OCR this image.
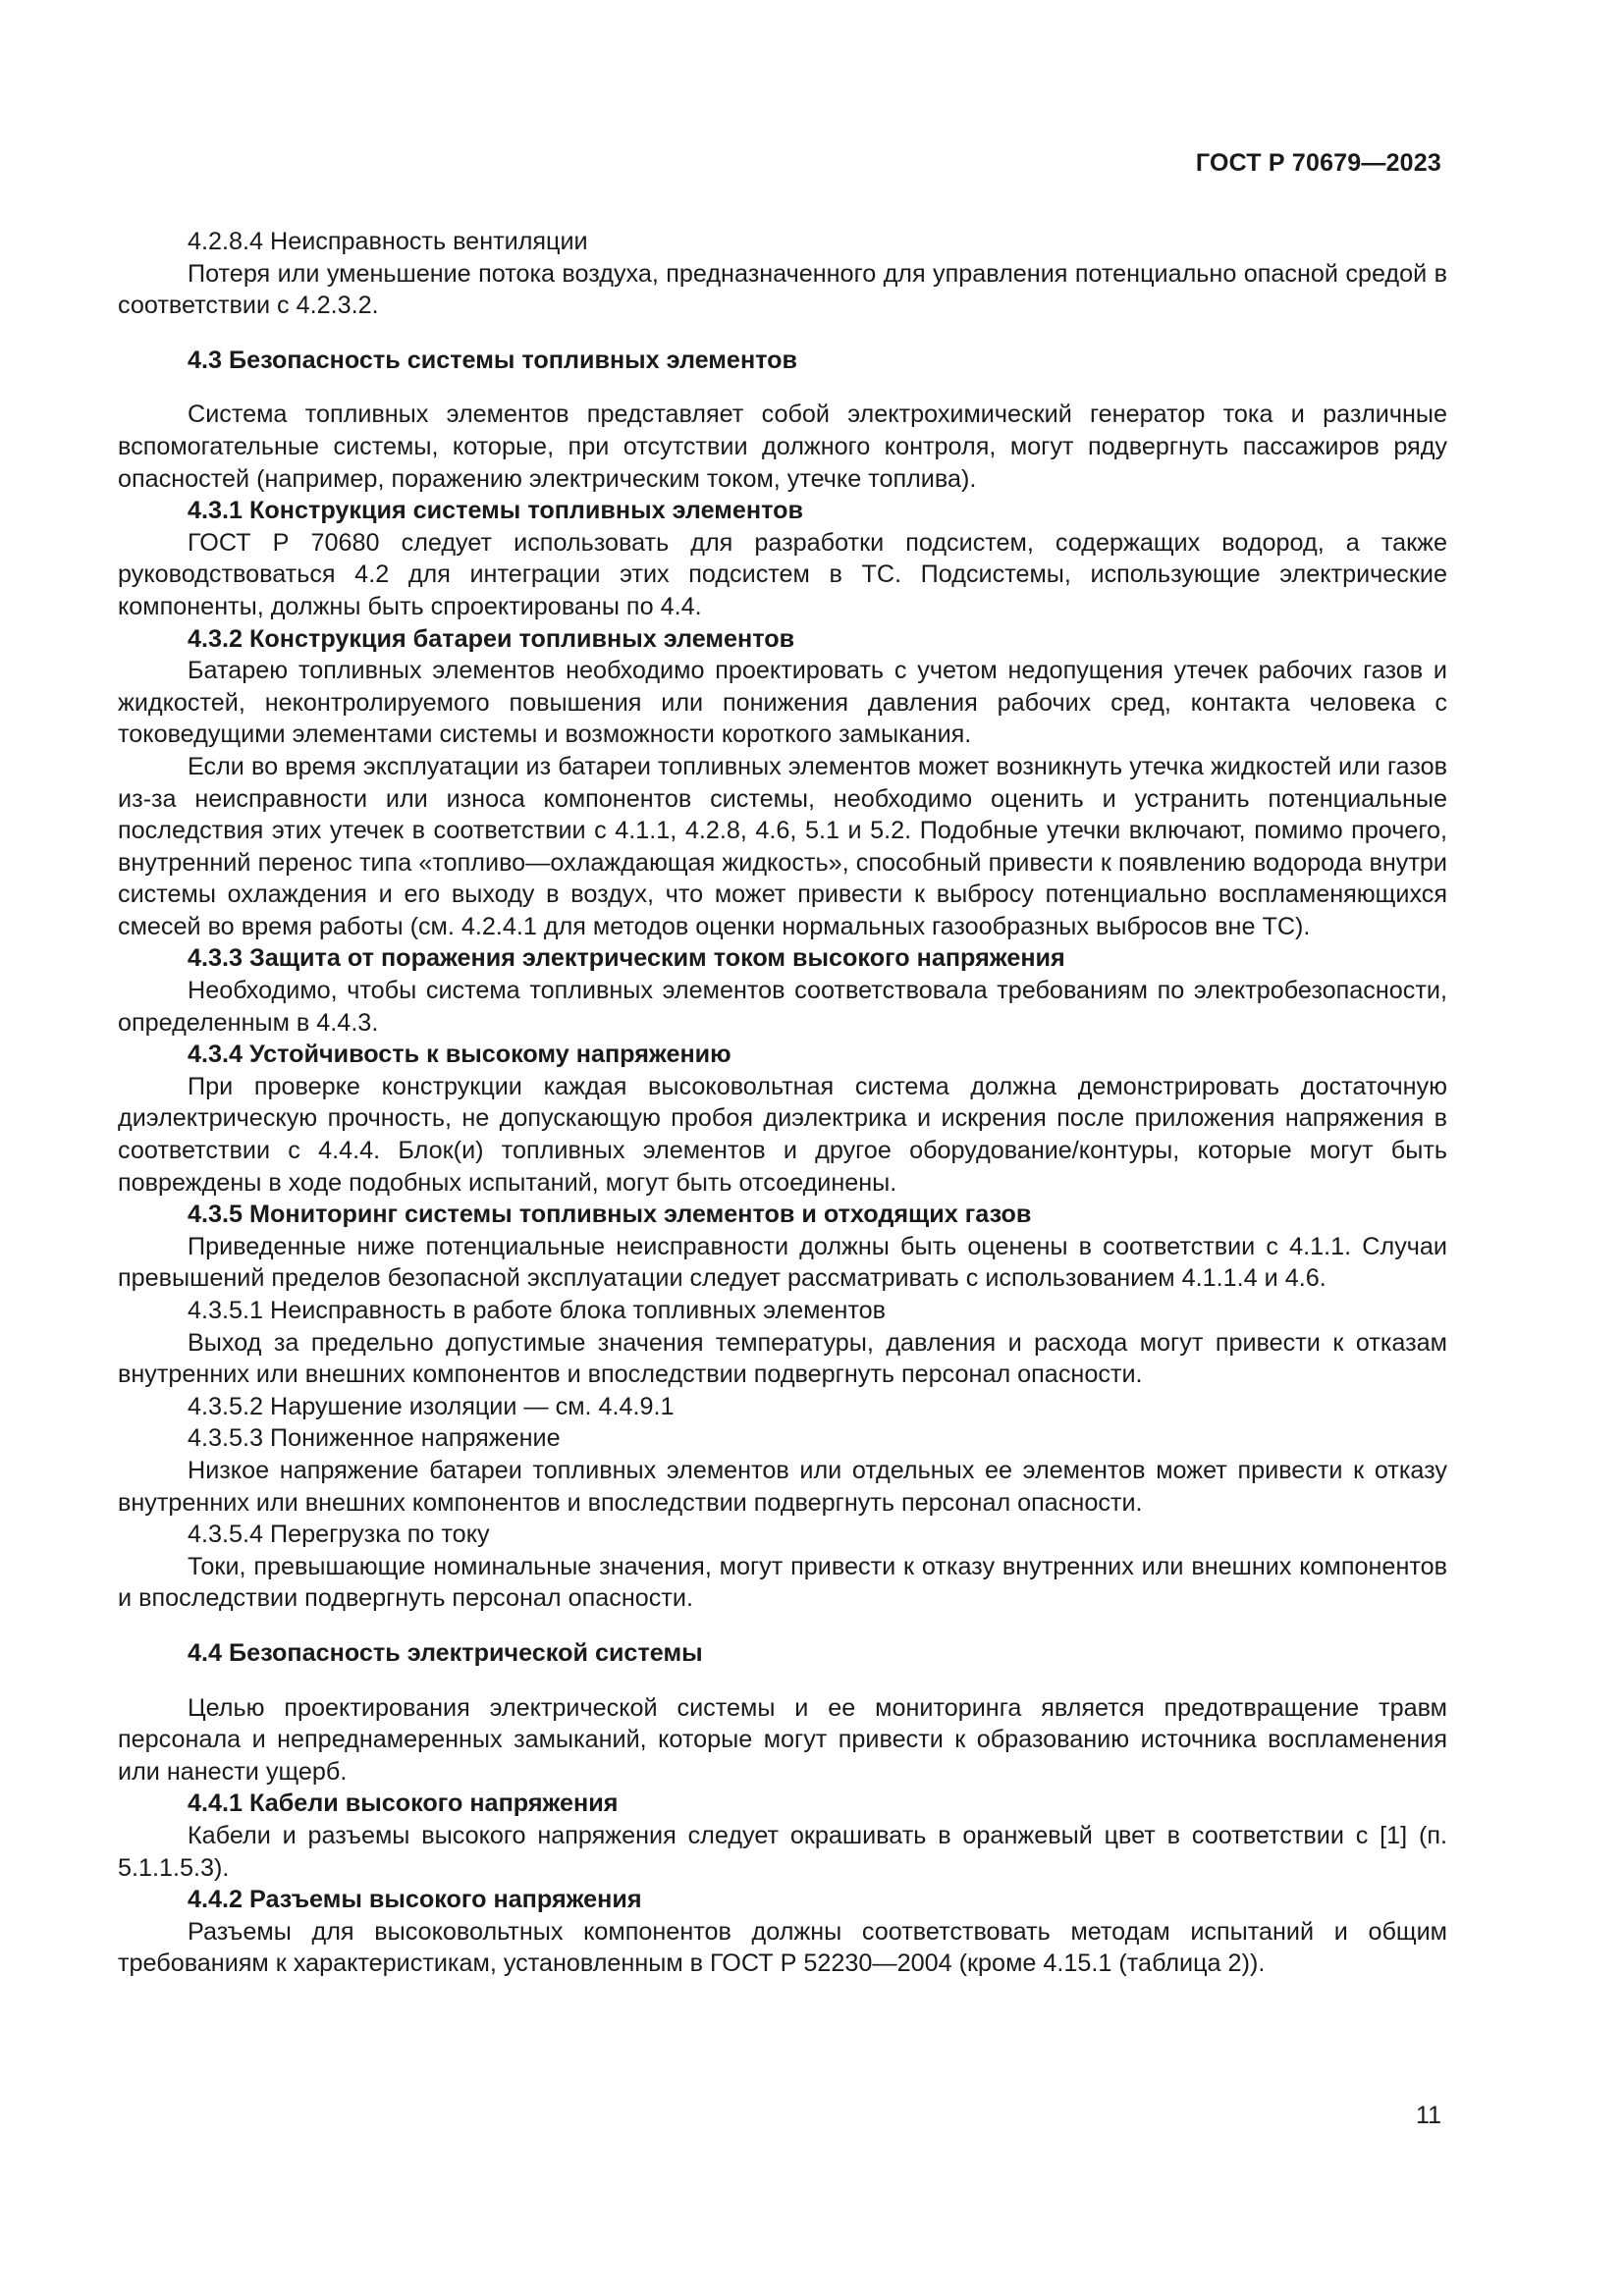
ГОСТ Р 70679—2023

4.2.8.4 Неисправность вентиляции

Потеря или уменьшение потока воздуха, предназначенного для управления потенциально опасной средой в соответствии с 4.2.3.2.

4.3 Безопасность системы топливных элементов

Система топливных элементов представляет собой электрохимический генератор тока и различные вспомогательные системы, которые, при отсутствии должного контроля, могут подвергнуть пассажиров ряду опасностей (например, поражению электрическим током, утечке топлива).

4.3.1 Конструкция системы топливных элементов

ГОСТ Р 70680 следует использовать для разработки подсистем, содержащих водород, а также руководствоваться 4.2 для интеграции этих подсистем в ТС. Подсистемы, использующие электрические компоненты, должны быть спроектированы по 4.4.

4.3.2 Конструкция батареи топливных элементов

Батарею топливных элементов необходимо проектировать с учетом недопущения утечек рабочих газов и жидкостей, неконтролируемого повышения или понижения давления рабочих сред, контакта человека с токоведущими элементами системы и возможности короткого замыкания.

Если во время эксплуатации из батареи топливных элементов может возникнуть утечка жидкостей или газов из-за неисправности или износа компонентов системы, необходимо оценить и устранить потенциальные последствия этих утечек в соответствии с 4.1.1, 4.2.8, 4.6, 5.1 и 5.2. Подобные утечки включают, помимо прочего, внутренний перенос типа «топливо—охлаждающая жидкость», способный привести к появлению водорода внутри системы охлаждения и его выходу в воздух, что может привести к выбросу потенциально воспламеняющихся смесей во время работы (см. 4.2.4.1 для методов оценки нормальных газообразных выбросов вне ТС).

4.3.3 Защита от поражения электрическим током высокого напряжения

Необходимо, чтобы система топливных элементов соответствовала требованиям по электробезопасности, определенным в 4.4.3.

4.3.4 Устойчивость к высокому напряжению

При проверке конструкции каждая высоковольтная система должна демонстрировать достаточную диэлектрическую прочность, не допускающую пробоя диэлектрика и искрения после приложения напряжения в соответствии с 4.4.4. Блок(и) топливных элементов и другое оборудование/контуры, которые могут быть повреждены в ходе подобных испытаний, могут быть отсоединены.

4.3.5 Мониторинг системы топливных элементов и отходящих газов

Приведенные ниже потенциальные неисправности должны быть оценены в соответствии с 4.1.1. Случаи превышений пределов безопасной эксплуатации следует рассматривать с использованием 4.1.1.4 и 4.6.

4.3.5.1 Неисправность в работе блока топливных элементов

Выход за предельно допустимые значения температуры, давления и расхода могут привести к отказам внутренних или внешних компонентов и впоследствии подвергнуть персонал опасности.

4.3.5.2 Нарушение изоляции — см. 4.4.9.1

4.3.5.3 Пониженное напряжение

Низкое напряжение батареи топливных элементов или отдельных ее элементов может привести к отказу внутренних или внешних компонентов и впоследствии подвергнуть персонал опасности.

4.3.5.4 Перегрузка по току

Токи, превышающие номинальные значения, могут привести к отказу внутренних или внешних компонентов и впоследствии подвергнуть персонал опасности.

4.4 Безопасность электрической системы

Целью проектирования электрической системы и ее мониторинга является предотвращение травм персонала и непреднамеренных замыканий, которые могут привести к образованию источника воспламенения или нанести ущерб.

4.4.1 Кабели высокого напряжения

Кабели и разъемы высокого напряжения следует окрашивать в оранжевый цвет в соответствии с [1] (п. 5.1.1.5.3).

4.4.2 Разъемы высокого напряжения

Разъемы для высоковольтных компонентов должны соответствовать методам испытаний и общим требованиям к характеристикам, установленным в ГОСТ Р 52230—2004 (кроме 4.15.1 (таблица 2)).

11
